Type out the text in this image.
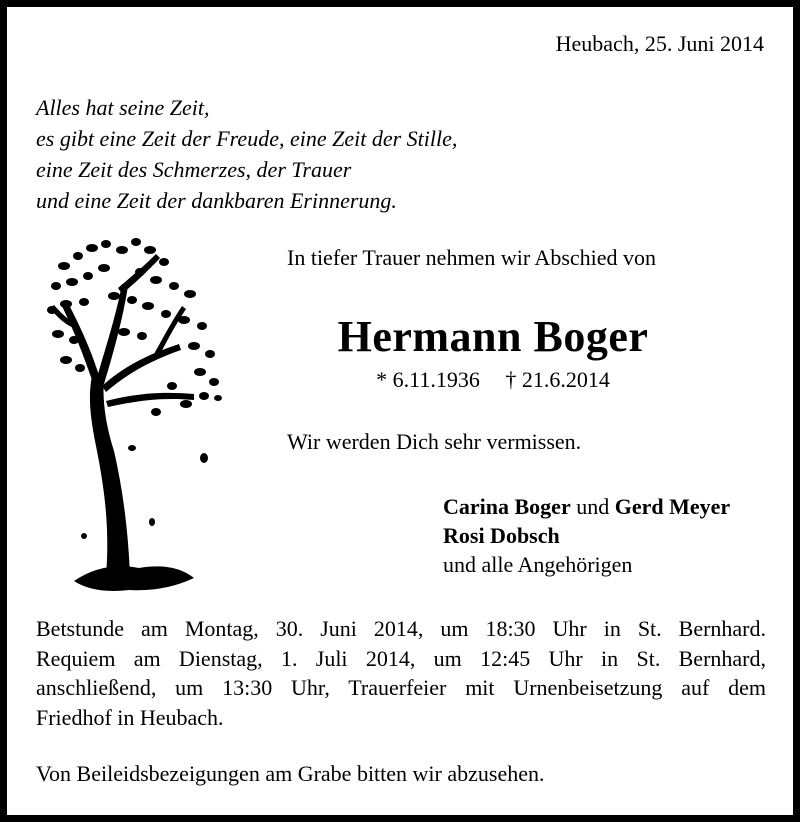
Heubach, 25. Juni 2014
Alles hat seine Zeit,
es gibt eine Zeit der Freude, eine Zeit der Stille,
eine Zeit des Schmerzes, der Trauer
und eine Zeit der dankbaren Erinnerung.
In tiefer Trauer nehmen wir Abschied von
Hermann Boger
* 6.11.1936 † 21.6.2014
Wir werden Dich sehr vermissen.
Carina Boger und Gerd Meyer
Rosi Dobsch
und alle Angehörigen
Betstunde am Montag, 30. Juni 2014, um 18:30 Uhr in St. Bernhard.
Requiem am Dienstag, 1. Juli 2014, um 12:45 Uhr in St. Bernhard,
anschließend, um 13:30 Uhr, Trauerfeier mit Urnenbeisetzung auf dem
Friedhof in Heubach.
Von Beileidsbezeigungen am Grabe bitten wir abzusehen.
